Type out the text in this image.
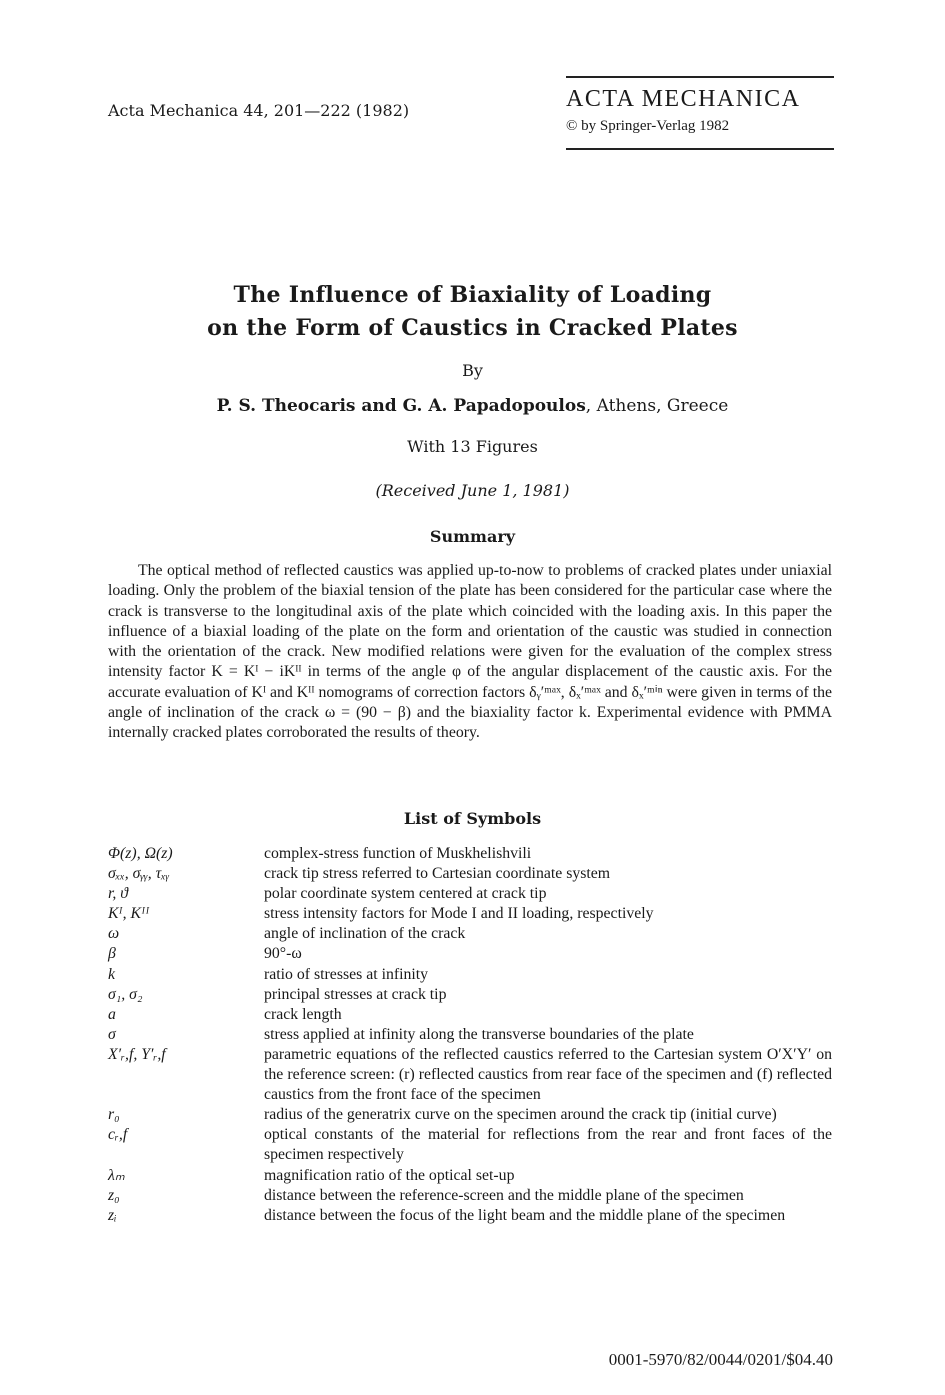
Acta Mechanica 44, 201—222 (1982)	ACTA MECHANICA
© by Springer-Verlag 1982
The Influence of Biaxiality of Loading
on the Form of Caustics in Cracked Plates
By
P. S. Theocaris and G. A. Papadopoulos, Athens, Greece
With 13 Figures
(Received June 1, 1981)
Summary

The optical method of reflected caustics was applied up-to-now to problems of cracked plates under uniaxial loading. Only the problem of the biaxial tension of the plate has been considered for the particular case where the crack is transverse to the longitudinal axis of the plate which coincided with the loading axis. In this paper the influence of a biaxial loading of the plate on the form and orientation of the caustic was studied in connection with the orientation of the crack. New modified relations were given for the evaluation of the complex stress intensity factor K = Kᴵ − iKᴵᴵ in terms of the angle φ of the angular displacement of the caustic axis. For the accurate evaluation of Kᴵ and Kᴵᴵ nomograms of correction factors δᵧ′ᵐᵃˣ, δₓ′ᵐᵃˣ and δₓ′ᵐⁱⁿ were given in terms of the angle of inclination of the crack ω = (90 − β) and the biaxiality factor k. Experimental evidence with PMMA internally cracked plates corroborated the results of theory.

List of Symbols
Φ(z), Ω(z)	complex-stress function of Muskhelishvili
σₓₓ, σᵧᵧ, τₓᵧ	crack tip stress referred to Cartesian coordinate system
r, ϑ	polar coordinate system centered at crack tip
Kᴵ, Kᴵᴵ	stress intensity factors for Mode I and II loading, respectively
ω	angle of inclination of the crack
β	90°-ω
k	ratio of stresses at infinity
σ₁, σ₂	principal stresses at crack tip
a	crack length
σ	stress applied at infinity along the transverse boundaries of the plate
X′ᵣ,f, Y′ᵣ,f	parametric equations of the reflected caustics referred to the Cartesian system O′X′Y′ on the reference screen: (r) reflected caustics from rear face of the specimen and (f) reflected caustics from the front face of the specimen
r₀	radius of the generatrix curve on the specimen around the crack tip (initial curve)
cᵣ,f	optical constants of the material for reflections from the rear and front faces of the specimen respectively
λₘ	magnification ratio of the optical set-up
z₀	distance between the reference-screen and the middle plane of the specimen
zᵢ	distance between the focus of the light beam and the middle plane of the specimen
0001-5970/82/0044/0201/$04.40
